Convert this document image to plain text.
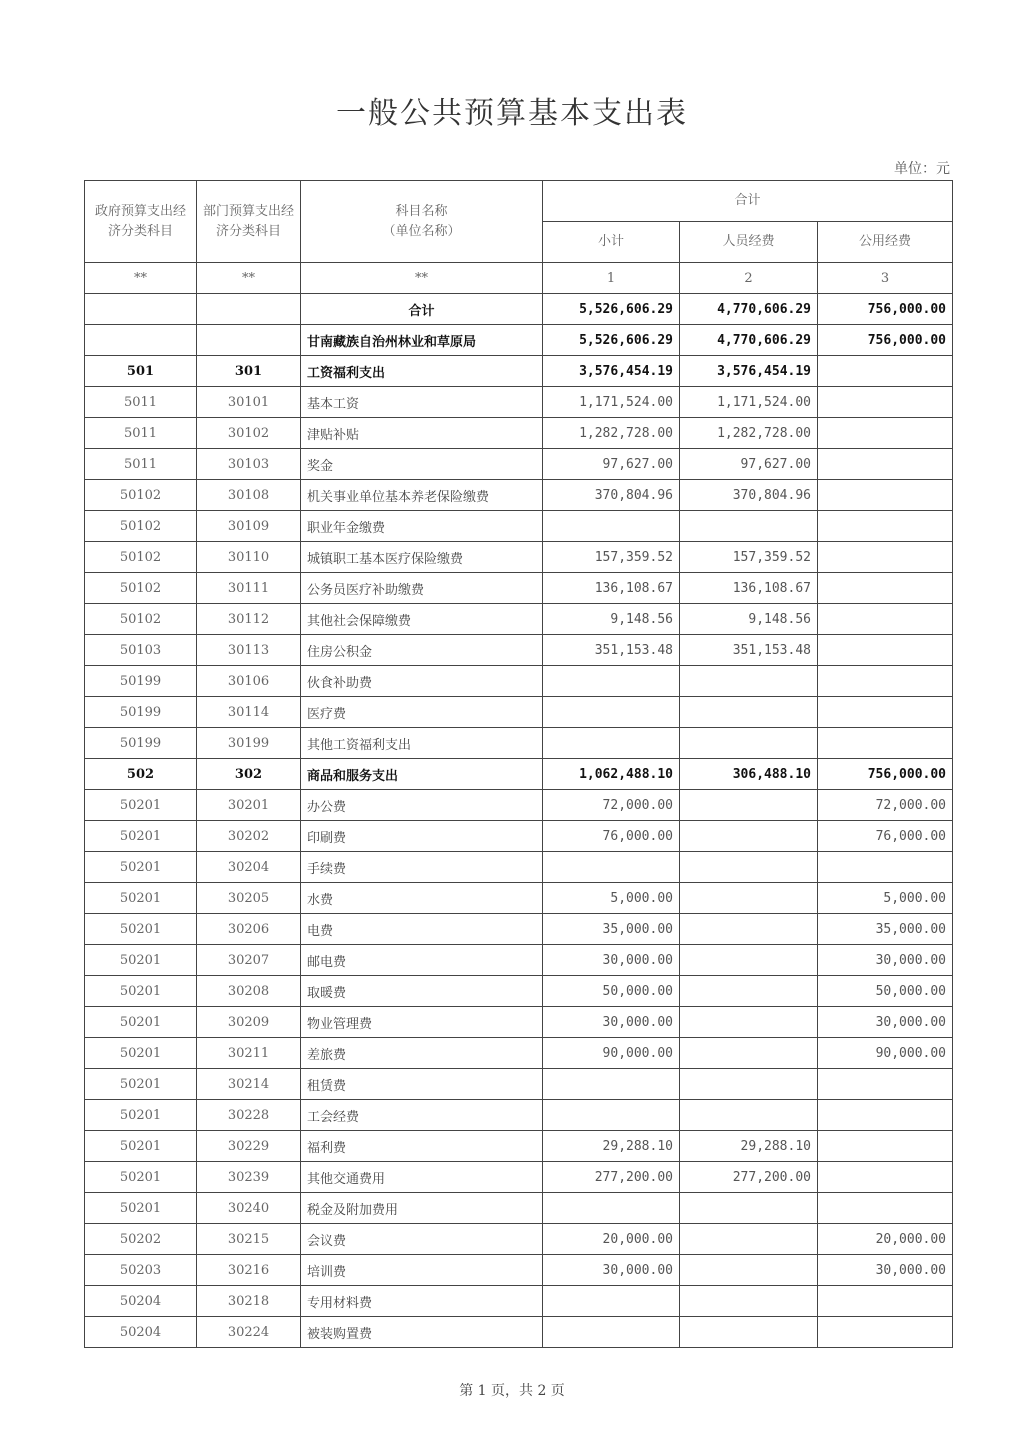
一般公共预算基本支出表
单位：元
政府预算支出经济分类科目	部门预算支出经济分类科目	科目名称
（单位名称）	合计		
			小计	人员经费	公用经费
**	**	**	1	2	3
		合计	5,526,606.29	4,770,606.29	756,000.00
		甘南藏族自治州林业和草原局	5,526,606.29	4,770,606.29	756,000.00
501	301	工资福利支出	3,576,454.19	3,576,454.19	
5011	30101	基本工资	1,171,524.00	1,171,524.00	
5011	30102	津贴补贴	1,282,728.00	1,282,728.00	
5011	30103	奖金	97,627.00	97,627.00	
50102	30108	机关事业单位基本养老保险缴费	370,804.96	370,804.96	
50102	30109	职业年金缴费			
50102	30110	城镇职工基本医疗保险缴费	157,359.52	157,359.52	
50102	30111	公务员医疗补助缴费	136,108.67	136,108.67	
50102	30112	其他社会保障缴费	9,148.56	9,148.56	
50103	30113	住房公积金	351,153.48	351,153.48	
50199	30106	伙食补助费			
50199	30114	医疗费			
50199	30199	其他工资福利支出			
502	302	商品和服务支出	1,062,488.10	306,488.10	756,000.00
50201	30201	办公费	72,000.00		72,000.00
50201	30202	印刷费	76,000.00		76,000.00
50201	30204	手续费			
50201	30205	水费	5,000.00		5,000.00
50201	30206	电费	35,000.00		35,000.00
50201	30207	邮电费	30,000.00		30,000.00
50201	30208	取暖费	50,000.00		50,000.00
50201	30209	物业管理费	30,000.00		30,000.00
50201	30211	差旅费	90,000.00		90,000.00
50201	30214	租赁费			
50201	30228	工会经费			
50201	30229	福利费	29,288.10	29,288.10	
50201	30239	其他交通费用	277,200.00	277,200.00	
50201	30240	税金及附加费用			
50202	30215	会议费	20,000.00		20,000.00
50203	30216	培训费	30,000.00		30,000.00
50204	30218	专用材料费			
50204	30224	被装购置费			
第 1 页，共 2 页
